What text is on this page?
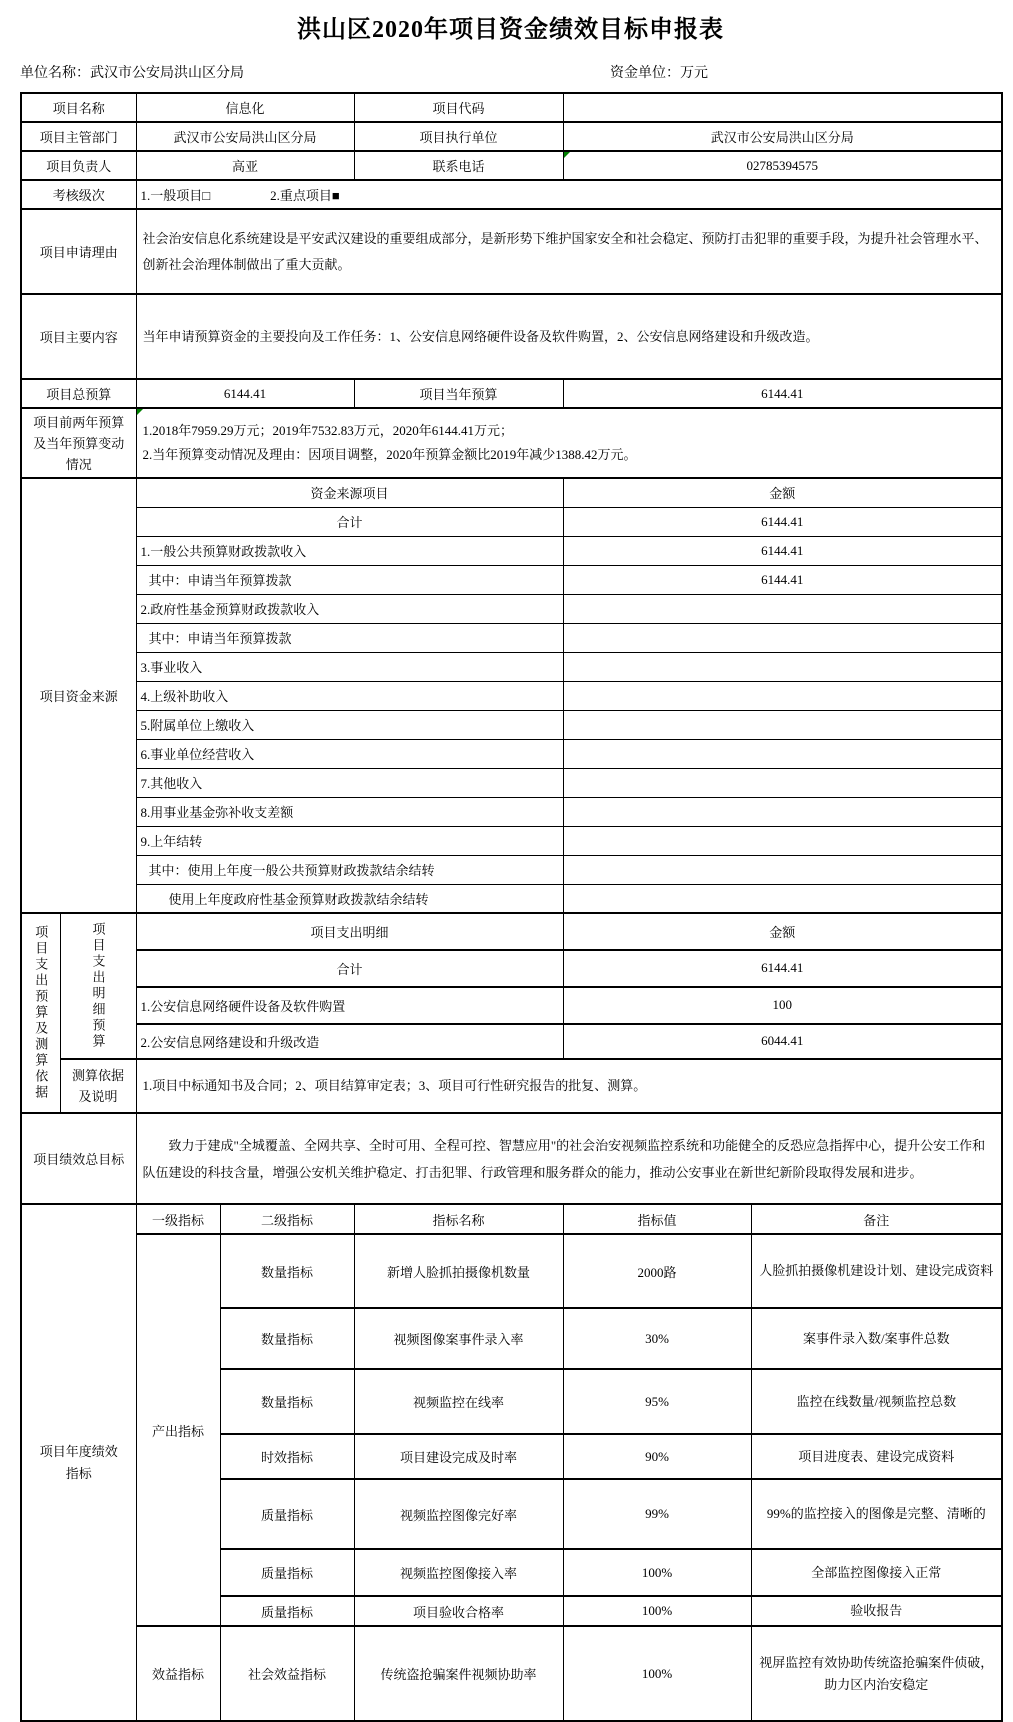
洪山区2020年项目资金绩效目标申报表
单位名称：武汉市公安局洪山区分局	资金单位：万元
项目名称		信息化		项目代码		
项目主管部门		武汉市公安局洪山区分局		项目执行单位	武汉市公安局洪山区分局	
项目负责人		高亚		联系电话	02785394575	
考核级次		1.一般项目□ 2.重点项目■				
项目申请理由		社会治安信息化系统建设是平安武汉建设的重要组成部分，是新形势下维护国家安全和社会稳定、预防打击犯罪的重要手段，为提升社会管理水平、创新社会治理体制做出了重大贡献。				
项目主要内容		当年申请预算资金的主要投向及工作任务：1、公安信息网络硬件设备及软件购置，2、公安信息网络建设和升级改造。				
项目总预算		6144.41		项目当年预算	6144.41	
项目前两年预算及当年预算变动情况		1.2018年7959.29万元；2019年7532.83万元，2020年6144.41万元；
2.当年预算变动情况及理由：因项目调整，2020年预算金额比2019年减少1388.42万元。				

项目资金来源		资金来源项目			金额	
		合计			6144.41	
		1.一般公共预算财政拨款收入			6144.41	
		其中：申请当年预算拨款			6144.41	
		2.政府性基金预算财政拨款收入				
		其中：申请当年预算拨款				
		3.事业收入				
		4.上级补助收入				
		5.附属单位上缴收入				
		6.事业单位经营收入				
		7.其他收入				
		8.用事业基金弥补收支差额				
		9.上年结转				
		其中：使用上年度一般公共预算财政拨款结余结转				
		使用上年度政府性基金预算财政拨款结余结转				
项目支出预算及测算依据	项目支出明细预算	项目支出明细			金额	
		合计			6144.41	
		1.公安信息网络硬件设备及软件购置			100	
		2.公安信息网络建设和升级改造			6044.41	
	测算依据及说明	1.项目中标通知书及合同；2、项目结算审定表；3、项目可行性研究报告的批复、测算。				
项目绩效总目标		致力于建成"全城覆盖、全网共享、全时可用、全程可控、智慧应用"的社会治安视频监控系统和功能健全的反恐应急指挥中心，提升公安工作和队伍建设的科技含量，增强公安机关维护稳定、打击犯罪、行政管理和服务群众的能力，推动公安事业在新世纪新阶段取得发展和进步。				
项目年度绩效指标		一级指标	二级指标	指标名称	指标值	备注
		产出指标	数量指标	新增人脸抓拍摄像机数量	2000路	人脸抓拍摄像机建设计划、建设完成资料
			数量指标	视频图像案事件录入率	30%	案事件录入数/案事件总数
			数量指标	视频监控在线率	95%	监控在线数量/视频监控总数
			时效指标	项目建设完成及时率	90%	项目进度表、建设完成资料
			质量指标	视频监控图像完好率	99%	99%的监控接入的图像是完整、清晰的
			质量指标	视频监控图像接入率	100%	全部监控图像接入正常
			质量指标	项目验收合格率	100%	验收报告
		效益指标	社会效益指标	传统盗抢骗案件视频协助率	100%	视屏监控有效协助传统盗抢骗案件侦破，助力区内治安稳定
